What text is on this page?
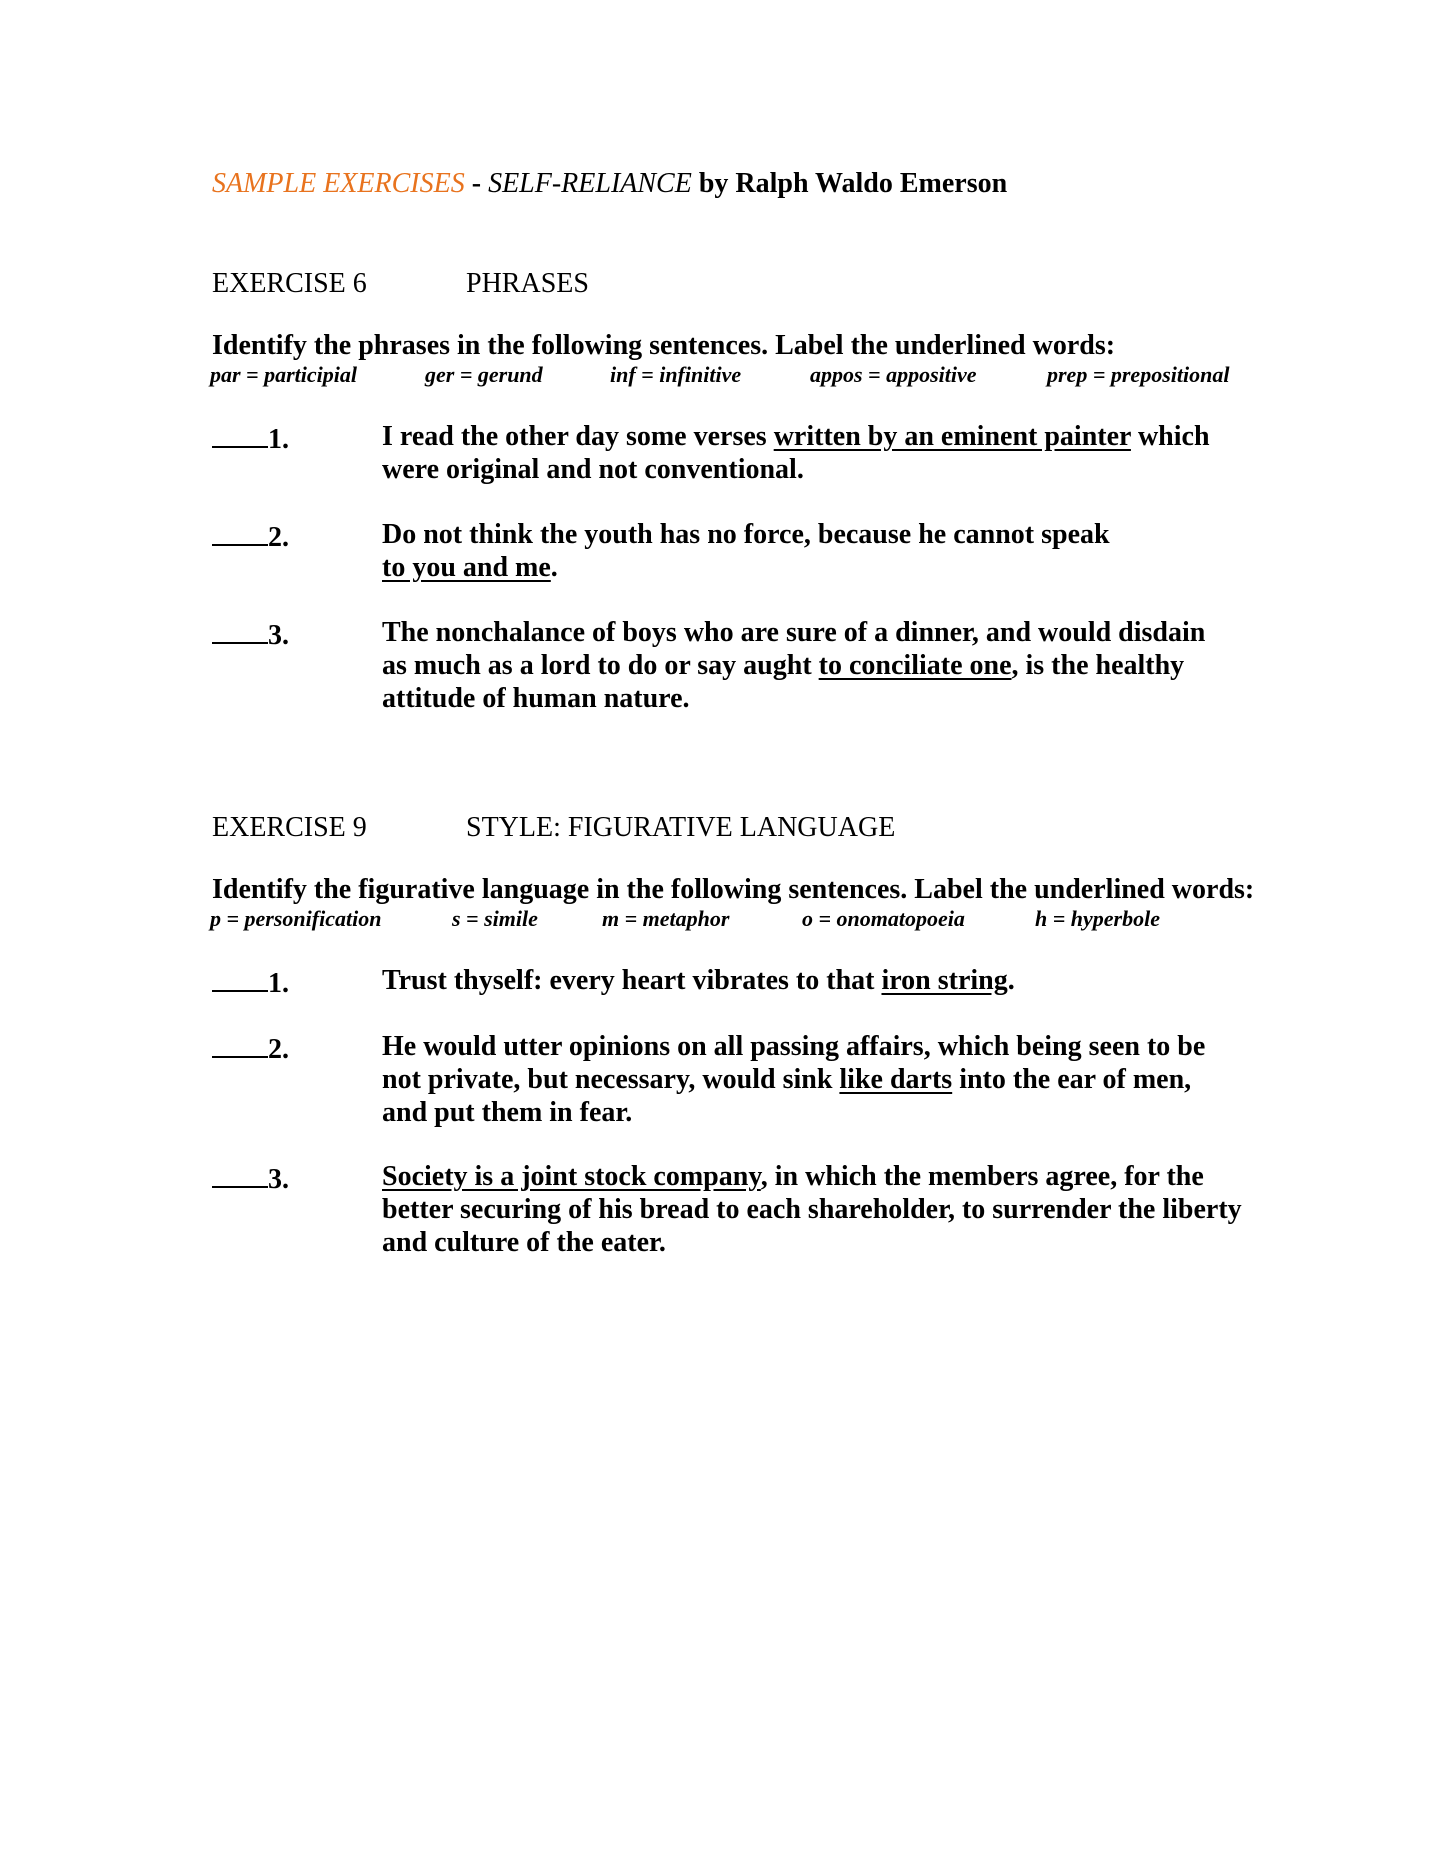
SAMPLE EXERCISES - SELF-RELIANCE by Ralph Waldo Emerson
EXERCISE 6	PHRASES
Identify the phrases in the following sentences. Label the underlined words:
par = participial	ger = gerund	inf = infinitive	appos = appositive	prep = prepositional
1.	I read the other day some verses written by an eminent painter which
were original and not conventional.
2.	Do not think the youth has no force, because he cannot speak
to you and me.
3.	The nonchalance of boys who are sure of a dinner, and would disdain
as much as a lord to do or say aught to conciliate one, is the healthy
attitude of human nature.
EXERCISE 9	STYLE: FIGURATIVE LANGUAGE
Identify the figurative language in the following sentences. Label the underlined words:
p = personification	s = simile	m = metaphor	o = onomatopoeia	h = hyperbole
1.	Trust thyself: every heart vibrates to that iron string.
2.	He would utter opinions on all passing affairs, which being seen to be
not private, but necessary, would sink like darts into the ear of men,
and put them in fear.
3.	Society is a joint stock company, in which the members agree, for the
better securing of his bread to each shareholder, to surrender the liberty
and culture of the eater.
